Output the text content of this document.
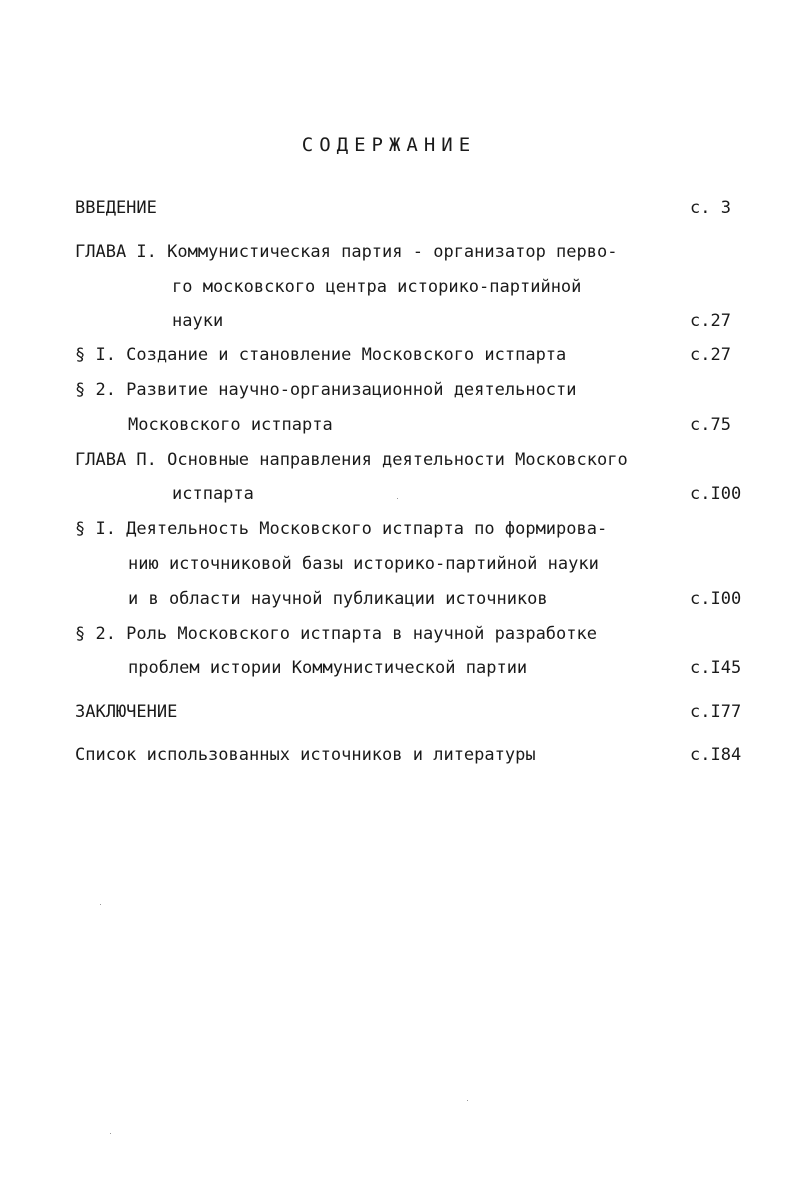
СОДЕРЖАНИЕ
ВВЕДЕНИЕ	с. 3
ГЛАВА I. Коммунистическая партия - организатор перво-
го московского центра историко-партийной
науки	с.27
§ I. Создание и становление Московского истпарта	с.27
§ 2. Развитие научно-организационной деятельности
Московского истпарта	с.75
ГЛАВА П. Основные направления деятельности Московского
истпарта	с.I00
§ I. Деятельность Московского истпарта по формирова-
нию источниковой базы историко-партийной науки
и в области научной публикации источников	с.I00
§ 2. Роль Московского истпарта в научной разработке
проблем истории Коммунистической партии	с.I45
ЗАКЛЮЧЕНИЕ	с.I77
Список использованных источников и литературы	с.I84
